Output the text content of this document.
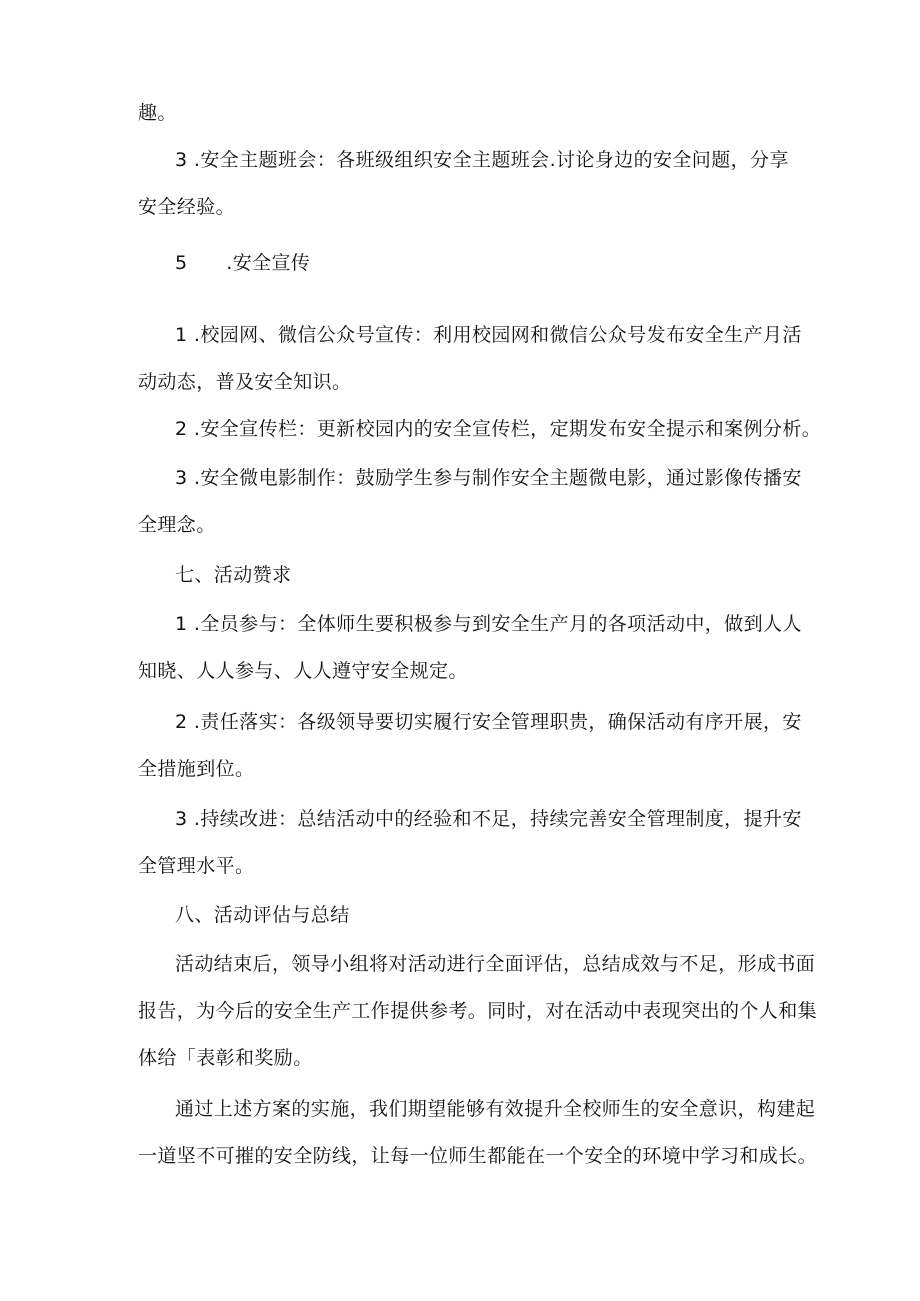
趣。
3 .安全主题班会：各班级组织安全主题班会.讨论身边的安全问题，分享
安全经验。
5　　.安全宣传
1 .校园网、微信公众号宣传：利用校园网和微信公众号发布安全生产月活
动动态，普及安全知识。
2 .安全宣传栏：更新校园内的安全宣传栏，定期发布安全提示和案例分析。
3 .安全微电影制作：鼓励学生参与制作安全主题微电影，通过影像传播安
全理念。
七、活动赞求
1 .全员参与：全体师生要积极参与到安全生产月的各项活动中，做到人人
知晓、人人参与、人人遵守安全规定。
2 .责任落实：各级领导要切实履行安全管理职贵，确保活动有序开展，安
全措施到位。
3 .持续改进：总结活动中的经验和不足，持续完善安全管理制度，提升安
全管理水平。
八、活动评估与总结
活动结束后，领导小组将对活动进行全面评估，总结成效与不足，形成书面
报告，为今后的安全生产工作提供参考。同时，对在活动中表现突出的个人和集
体给「表彰和奖励。
通过上述方案的实施，我们期望能够有效提升全校师生的安全意识，构建起
一道坚不可摧的安全防线，让每一位师生都能在一个安全的环境中学习和成长。
